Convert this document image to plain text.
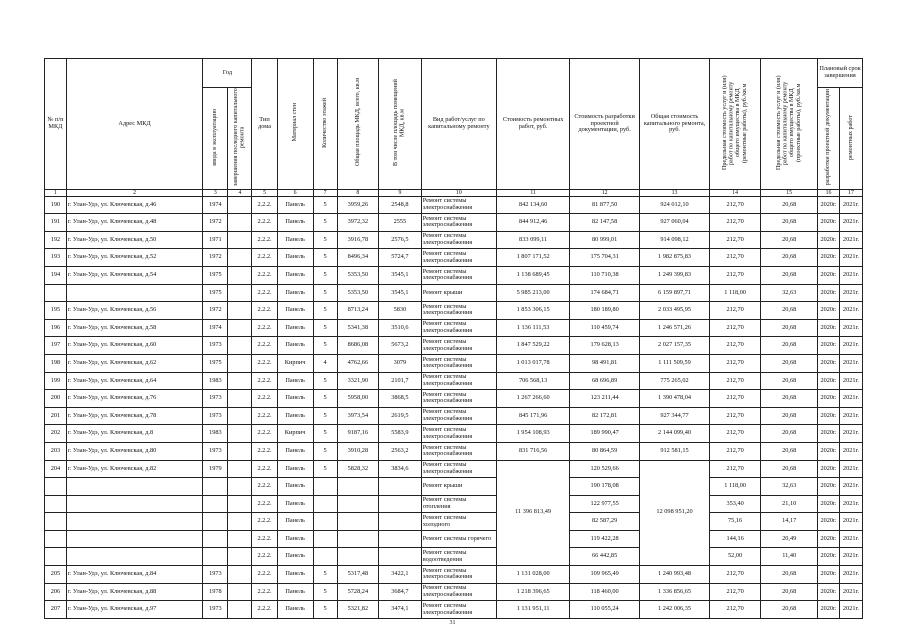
№ п/п МКД	Адрес МКД	Год		Тип дома	Материал стен	Количество этажей	Общая площадь МКД, всего, кв.м	В том числе площадь помещений МКД, кв.м	Вид работ/услуг по капитальному ремонту	Стоимость ремонтных работ, руб.	Стоимость разработки проектной документации, руб.	Общая стоимость капитального ремонта, руб.	Предельная стоимость услуг и (или) работ по капитальному ремонту общего имущества в МКД (ремонтные работы), руб./кв.м	Предельная стоимость услуг и (или) работ по капитальному ремонту общего имущества в МКД (проектные работы), руб./кв.м	Плановый срок завершения	
		ввода в эксплуатацию	завершения последнего капитального ремонта												разработки проектной документации	ремонтных работ
1	2	3	4	5	6	7	8	9	10	11	12	13	14	15	16	17
190	г. Улан-Удэ, ул. Ключевская, д.46	1974		2.2.2.	Панель	5	3959,26	2548,8	Ремонт системы электроснабжения	842 134,60	81 877,50	924 012,10	212,70	20,68	2020г.	2021г.
191	г. Улан-Удэ, ул. Ключевская, д.48	1972		2.2.2.	Панель	5	3972,32	2555	Ремонт системы электроснабжения	844 912,46	82 147,58	927 060,04	212,70	20,68	2020г.	2021г.
192	г. Улан-Удэ, ул. Ключевская, д.50	1971		2.2.2.	Панель	5	3916,78	2576,5	Ремонт системы электроснабжения	833 099,11	80 999,01	914 098,12	212,70	20,68	2020г.	2021г.
193	г. Улан-Удэ, ул. Ключевская, д.52	1972		2.2.2.	Панель	5	8496,34	5724,7	Ремонт системы электроснабжения	1 807 171,52	175 704,31	1 982 875,83	212,70	20,68	2020г.	2021г.
194	г. Улан-Удэ, ул. Ключевская, д.54	1975		2.2.2.	Панель	5	5353,50	3545,1	Ремонт системы электроснабжения	1 138 689,45	110 710,38	1 249 399,83	212,70	20,68	2020г.	2021г.
		1975		2.2.2.	Панель	5	5353,50	3545,1	Ремонт крыши	5 985 213,00	174 684,71	6 159 897,71	1 118,00	32,63	2020г.	2021г.
195	г. Улан-Удэ, ул. Ключевская, д.56	1972		2.2.2.	Панель	5	8713,24	5830	Ремонт системы электроснабжения	1 853 306,15	180 189,80	2 033 495,95	212,70	20,68	2020г.	2021г.
196	г. Улан-Удэ, ул. Ключевская, д.58	1974		2.2.2.	Панель	5	5341,38	3510,6	Ремонт системы электроснабжения	1 136 111,53	110 459,74	1 246 571,26	212,70	20,68	2020г.	2021г.
197	г. Улан-Удэ, ул. Ключевская, д.60	1973		2.2.2.	Панель	5	8686,08	5673,2	Ремонт системы электроснабжения	1 847 529,22	179 628,13	2 027 157,35	212,70	20,68	2020г.	2021г.
198	г. Улан-Удэ, ул. Ключевская, д.62	1975		2.2.2.	Кирпич	4	4762,66	3079	Ремонт системы электроснабжения	1 013 017,78	98 491,81	1 111 509,59	212,70	20,68	2020г.	2021г.
199	г. Улан-Удэ, ул. Ключевская, д.64	1983		2.2.2.	Панель	5	3321,90	2101,7	Ремонт системы электроснабжения	706 568,13	68 696,89	775 265,02	212,70	20,68	2020г.	2021г.
200	г. Улан-Удэ, ул. Ключевская, д.76	1973		2.2.2.	Панель	5	5958,00	3868,5	Ремонт системы электроснабжения	1 267 266,60	123 211,44	1 390 478,04	212,70	20,68	2020г.	2021г.
201	г. Улан-Удэ, ул. Ключевская, д.78	1973		2.2.2.	Панель	5	3973,54	2619,5	Ремонт системы электроснабжения	845 171,96	82 172,81	927 344,77	212,70	20,68	2020г.	2021г.
202	г. Улан-Удэ, ул. Ключевская, д.8	1983		2.2.2.	Кирпич	5	9187,16	5583,9	Ремонт системы электроснабжения	1 954 108,93	189 990,47	2 144 099,40	212,70	20,68	2020г.	2021г.
203	г. Улан-Удэ, ул. Ключевская, д.80	1973		2.2.2.	Панель	5	3910,28	2563,2	Ремонт системы электроснабжения	831 716,56	80 864,59	912 581,15	212,70	20,68	2020г.	2021г.
204	г. Улан-Удэ, ул. Ключевская, д.82	1979		2.2.2.	Панель	5	5828,32	3834,6	Ремонт системы электроснабжения	11 396 813,49	120 529,66	12 098 951,20	212,70	20,68	2020г.	2021г.
				2.2.2.	Панель				Ремонт крыши		190 178,08		1 118,00	32,63	2020г.	2021г.
				2.2.2.	Панель				Ремонт системы отопления		122 977,55		353,40	21,10	2020г.	2021г.
				2.2.2.	Панель				Ремонт системы холодного		82 587,29		75,16	14,17	2020г.	2021г.
				2.2.2.	Панель				Ремонт системы горячего		119 422,28		144,16	20,49	2020г.	2021г.
				2.2.2.	Панель				Ремонт системы водоотведения		66 442,85		52,00	11,40	2020г.	2021г.
205	г. Улан-Удэ, ул. Ключевская, д.84	1973		2.2.2.	Панель	5	5317,48	3422,1	Ремонт системы электроснабжения	1 131 028,00	109 965,49	1 240 993,48	212,70	20,68	2020г.	2021г.
206	г. Улан-Удэ, ул. Ключевская, д.88	1978		2.2.2.	Панель	5	5728,24	3684,7	Ремонт системы электроснабжения	1 218 396,65	118 460,00	1 336 856,65	212,70	20,68	2020г.	2021г.
207	г. Улан-Удэ, ул. Ключевская, д.97	1973		2.2.2.	Панель	5	5321,82	3474,1	Ремонт системы электроснабжения	1 131 951,11	110 055,24	1 242 006,35	212,70	20,68	2020г.	2021г.
31
